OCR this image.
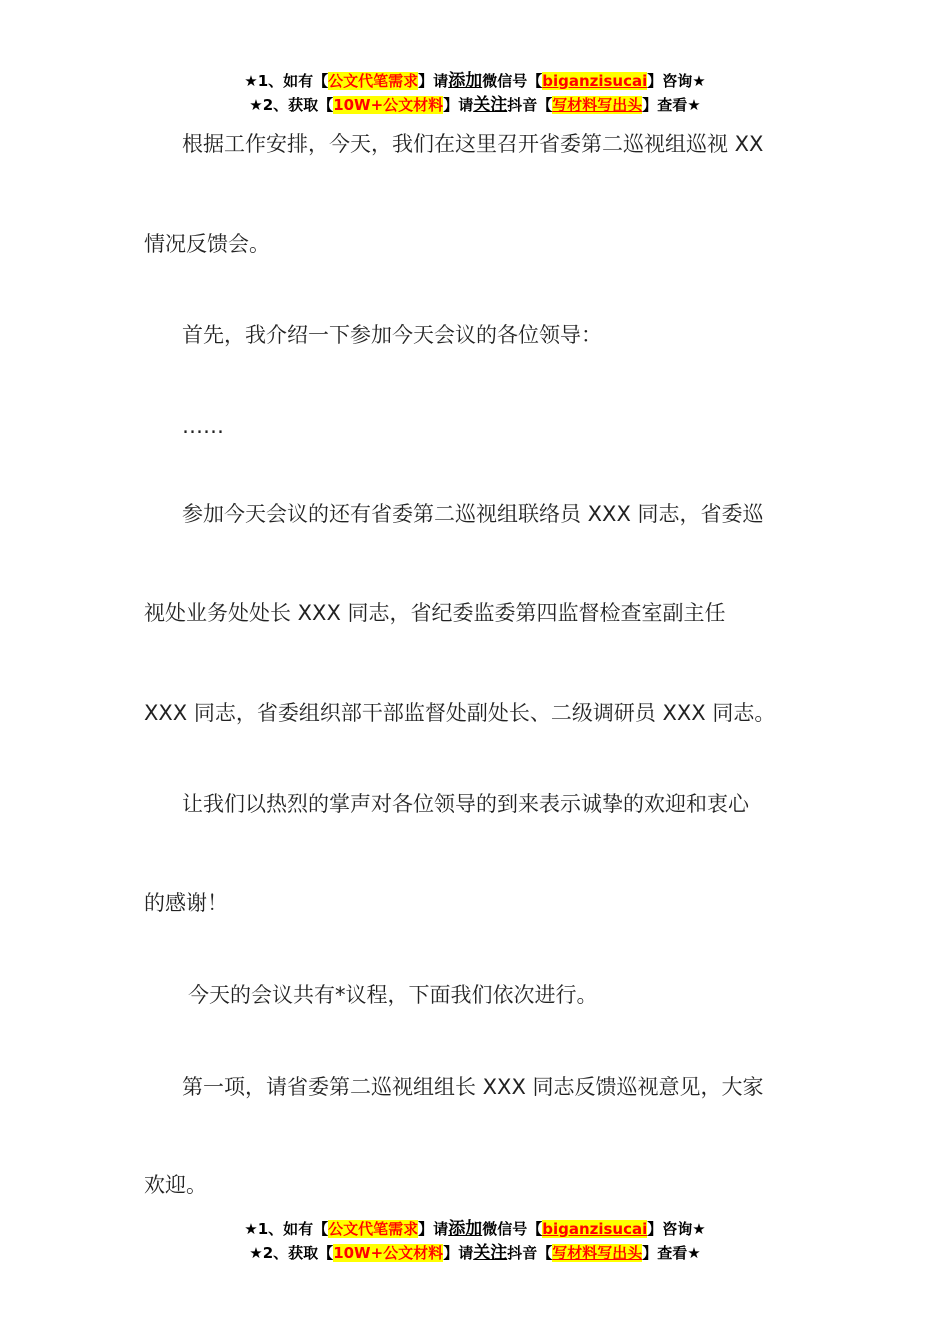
★1、如有【公文代笔需求】请添加微信号【biganzisucai】咨询★
★2、获取【10W+公文材料】请关注抖音【写材料写出头】查看★
根据工作安排，今天，我们在这里召开省委第二巡视组巡视 XX
情况反馈会。
首先，我介绍一下参加今天会议的各位领导：
……
参加今天会议的还有省委第二巡视组联络员 XXX 同志，省委巡
视处业务处处长 XXX 同志，省纪委监委第四监督检查室副主任
XXX 同志，省委组织部干部监督处副处长、二级调研员 XXX 同志。
让我们以热烈的掌声对各位领导的到来表示诚挚的欢迎和衷心
的感谢！
今天的会议共有*议程，下面我们依次进行。
第一项，请省委第二巡视组组长 XXX 同志反馈巡视意见，大家
欢迎。
★1、如有【公文代笔需求】请添加微信号【biganzisucai】咨询★
★2、获取【10W+公文材料】请关注抖音【写材料写出头】查看★
